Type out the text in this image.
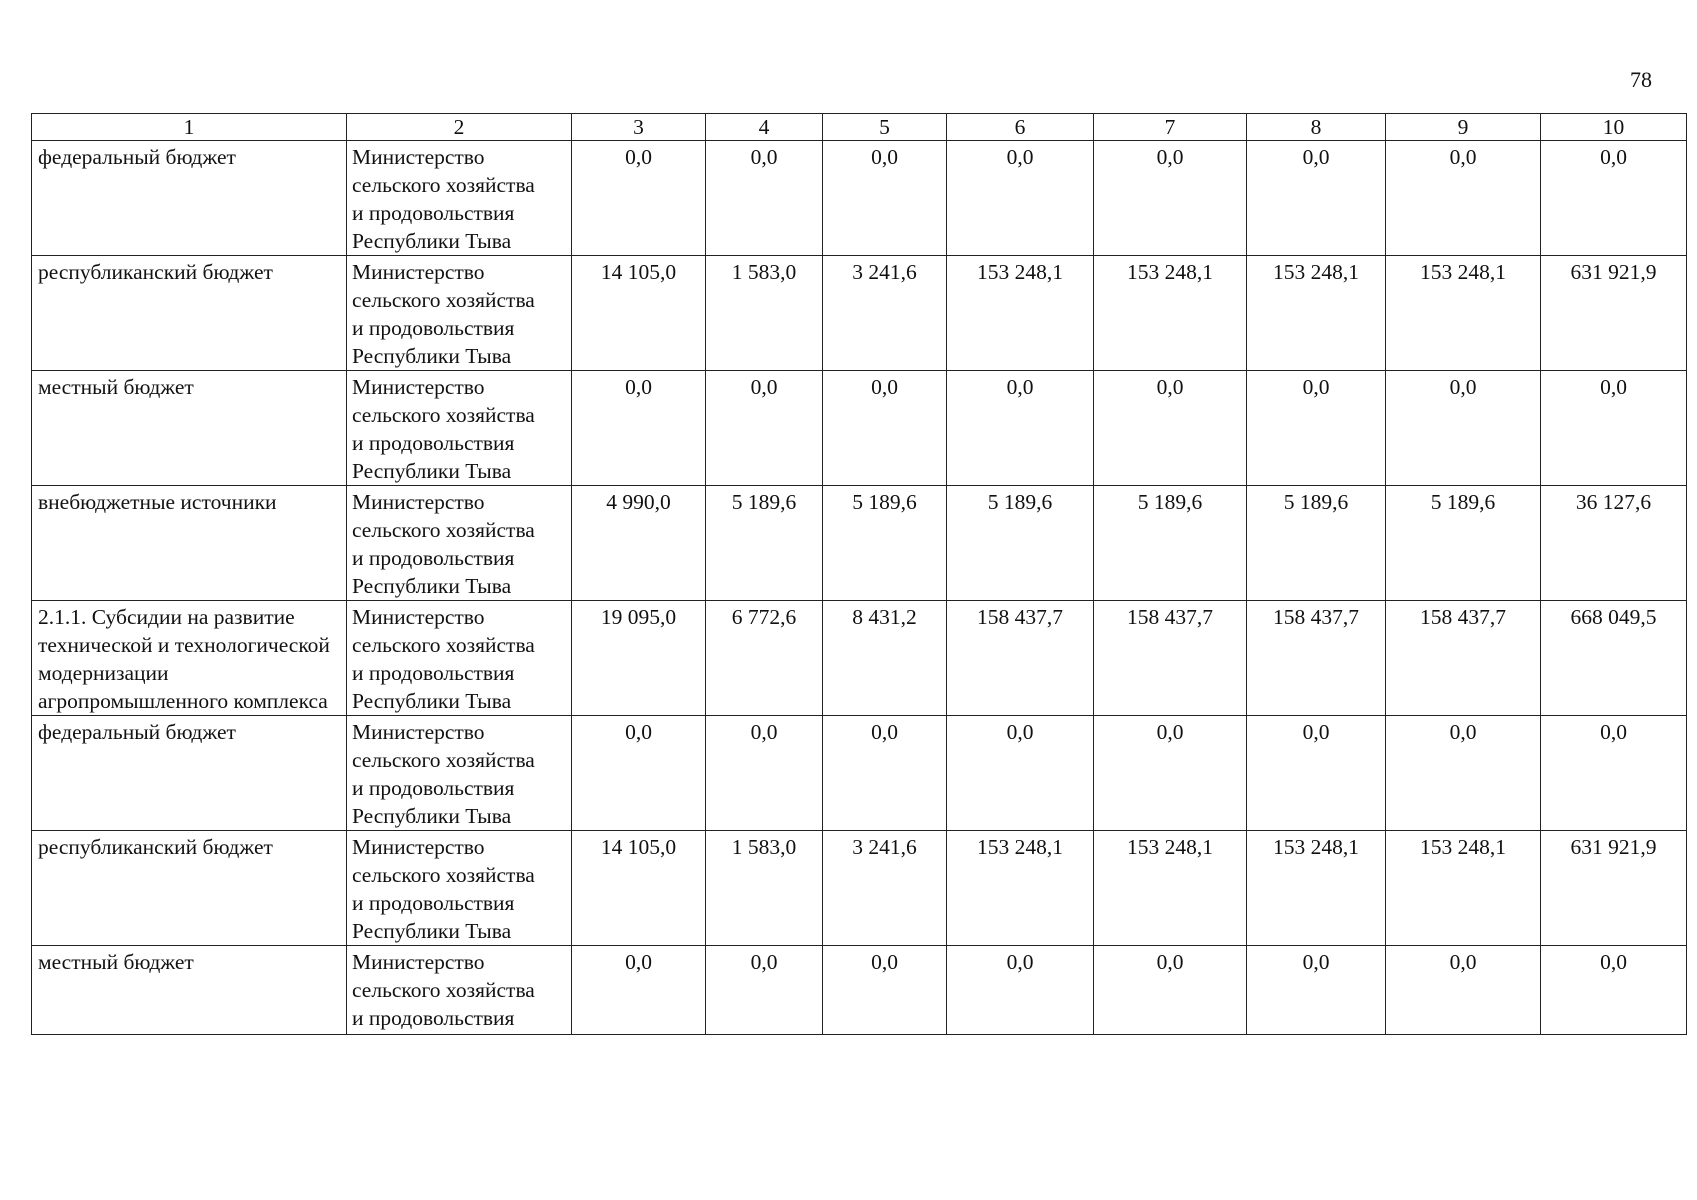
78
1	2	3	4	5	6	7	8	9	10
федеральный бюджет	Министерство
сельского хозяйства
и продовольствия
Республики Тыва	0,0	0,0	0,0	0,0	0,0	0,0	0,0	0,0
республиканский бюджет	Министерство
сельского хозяйства
и продовольствия
Республики Тыва	14 105,0	1 583,0	3 241,6	153 248,1	153 248,1	153 248,1	153 248,1	631 921,9
местный бюджет	Министерство
сельского хозяйства
и продовольствия
Республики Тыва	0,0	0,0	0,0	0,0	0,0	0,0	0,0	0,0
внебюджетные источники	Министерство
сельского хозяйства
и продовольствия
Республики Тыва	4 990,0	5 189,6	5 189,6	5 189,6	5 189,6	5 189,6	5 189,6	36 127,6
2.1.1. Субсидии на развитие технической и технологической модернизации агропромышленного комплекса	Министерство
сельского хозяйства
и продовольствия
Республики Тыва	19 095,0	6 772,6	8 431,2	158 437,7	158 437,7	158 437,7	158 437,7	668 049,5
федеральный бюджет	Министерство
сельского хозяйства
и продовольствия
Республики Тыва	0,0	0,0	0,0	0,0	0,0	0,0	0,0	0,0
республиканский бюджет	Министерство
сельского хозяйства
и продовольствия
Республики Тыва	14 105,0	1 583,0	3 241,6	153 248,1	153 248,1	153 248,1	153 248,1	631 921,9
местный бюджет	Министерство
сельского хозяйства
и продовольствия	0,0	0,0	0,0	0,0	0,0	0,0	0,0	0,0
